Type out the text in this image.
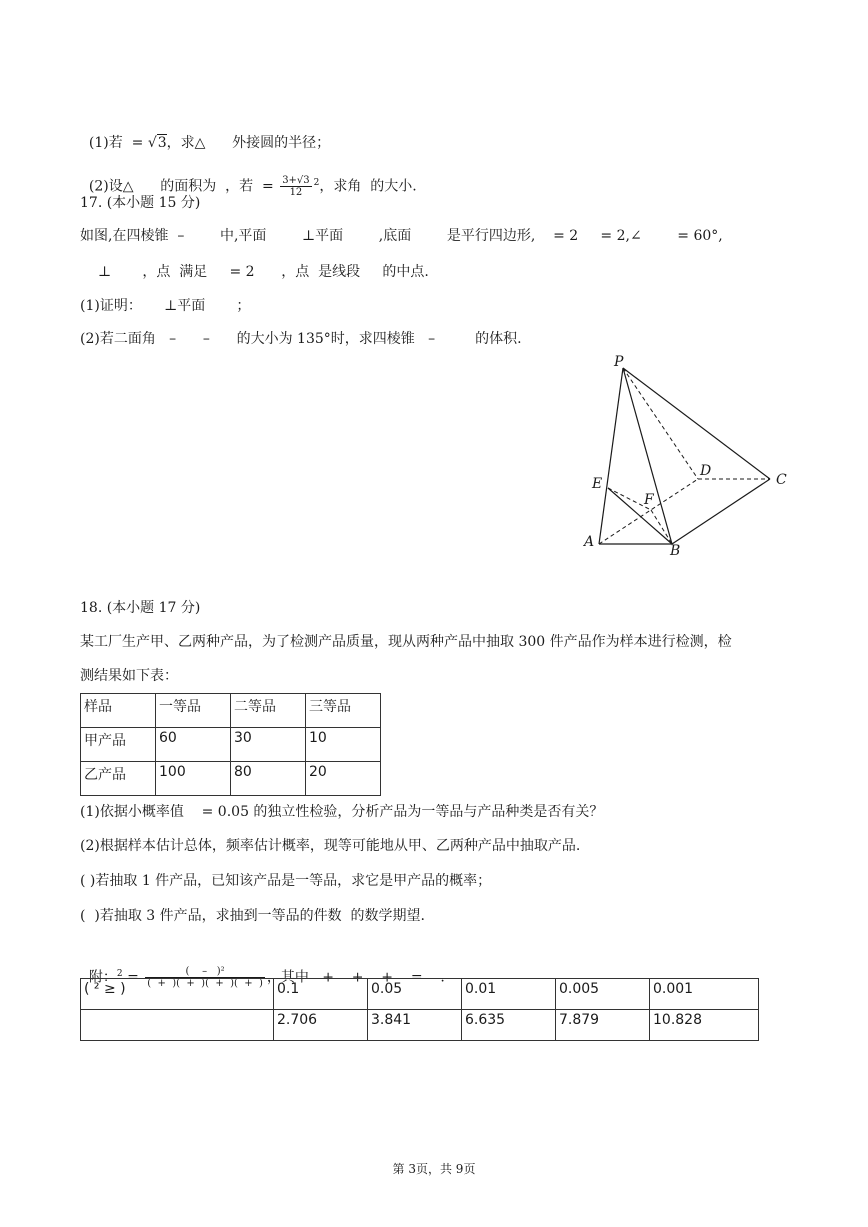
(1)若  = √3，求△      外接圆的半径；

(2)设△      的面积为  ，若  = $\frac{3+√3}{12} ^2$，求角  的大小.

17. (本小题 15 分)
如图,在四棱锥  –        中,平面        ⊥平面        ,底面        是平行四边形,    = 2     = 2,∠        = 60°,
⊥       ，点  满足     = 2      ，点  是线段     的中点.
(1)证明：     ⊥平面       ；
(2)若二面角   –      –      的大小为 135°时，求四棱锥   –         的体积.
P
A
B
C
D
E
F
18. (本小题 17 分)
某工厂生产甲、乙两种产品，为了检测产品质量，现从两种产品中抽取 300 件产品作为样本进行检测，检
测结果如下表：
样品	一等品	二等品	三等品
甲产品	60	30	10
乙产品	100	80	20
(1)依据小概率值    = 0.05 的独立性检验，分析产品为一等品与产品种类是否有关？
(2)根据样本估计总体，频率估计概率，现等可能地从甲、乙两种产品中抽取产品.
( )若抽取 1 件产品，已知该产品是一等品，求它是甲产品的概率；
(  )若抽取 3 件产品，求抽到一等品的件数  的数学期望.

附：$^2 = \frac{\text{(    –   )²}}{( + )( + )( + )( + )}$ ，其中   +    +    +    =    .

( ² ≥ )	0.1	0.05	0.01	0.005	0.001
	2.706	3.841	6.635	7.879	10.828
第 3页，共 9页
